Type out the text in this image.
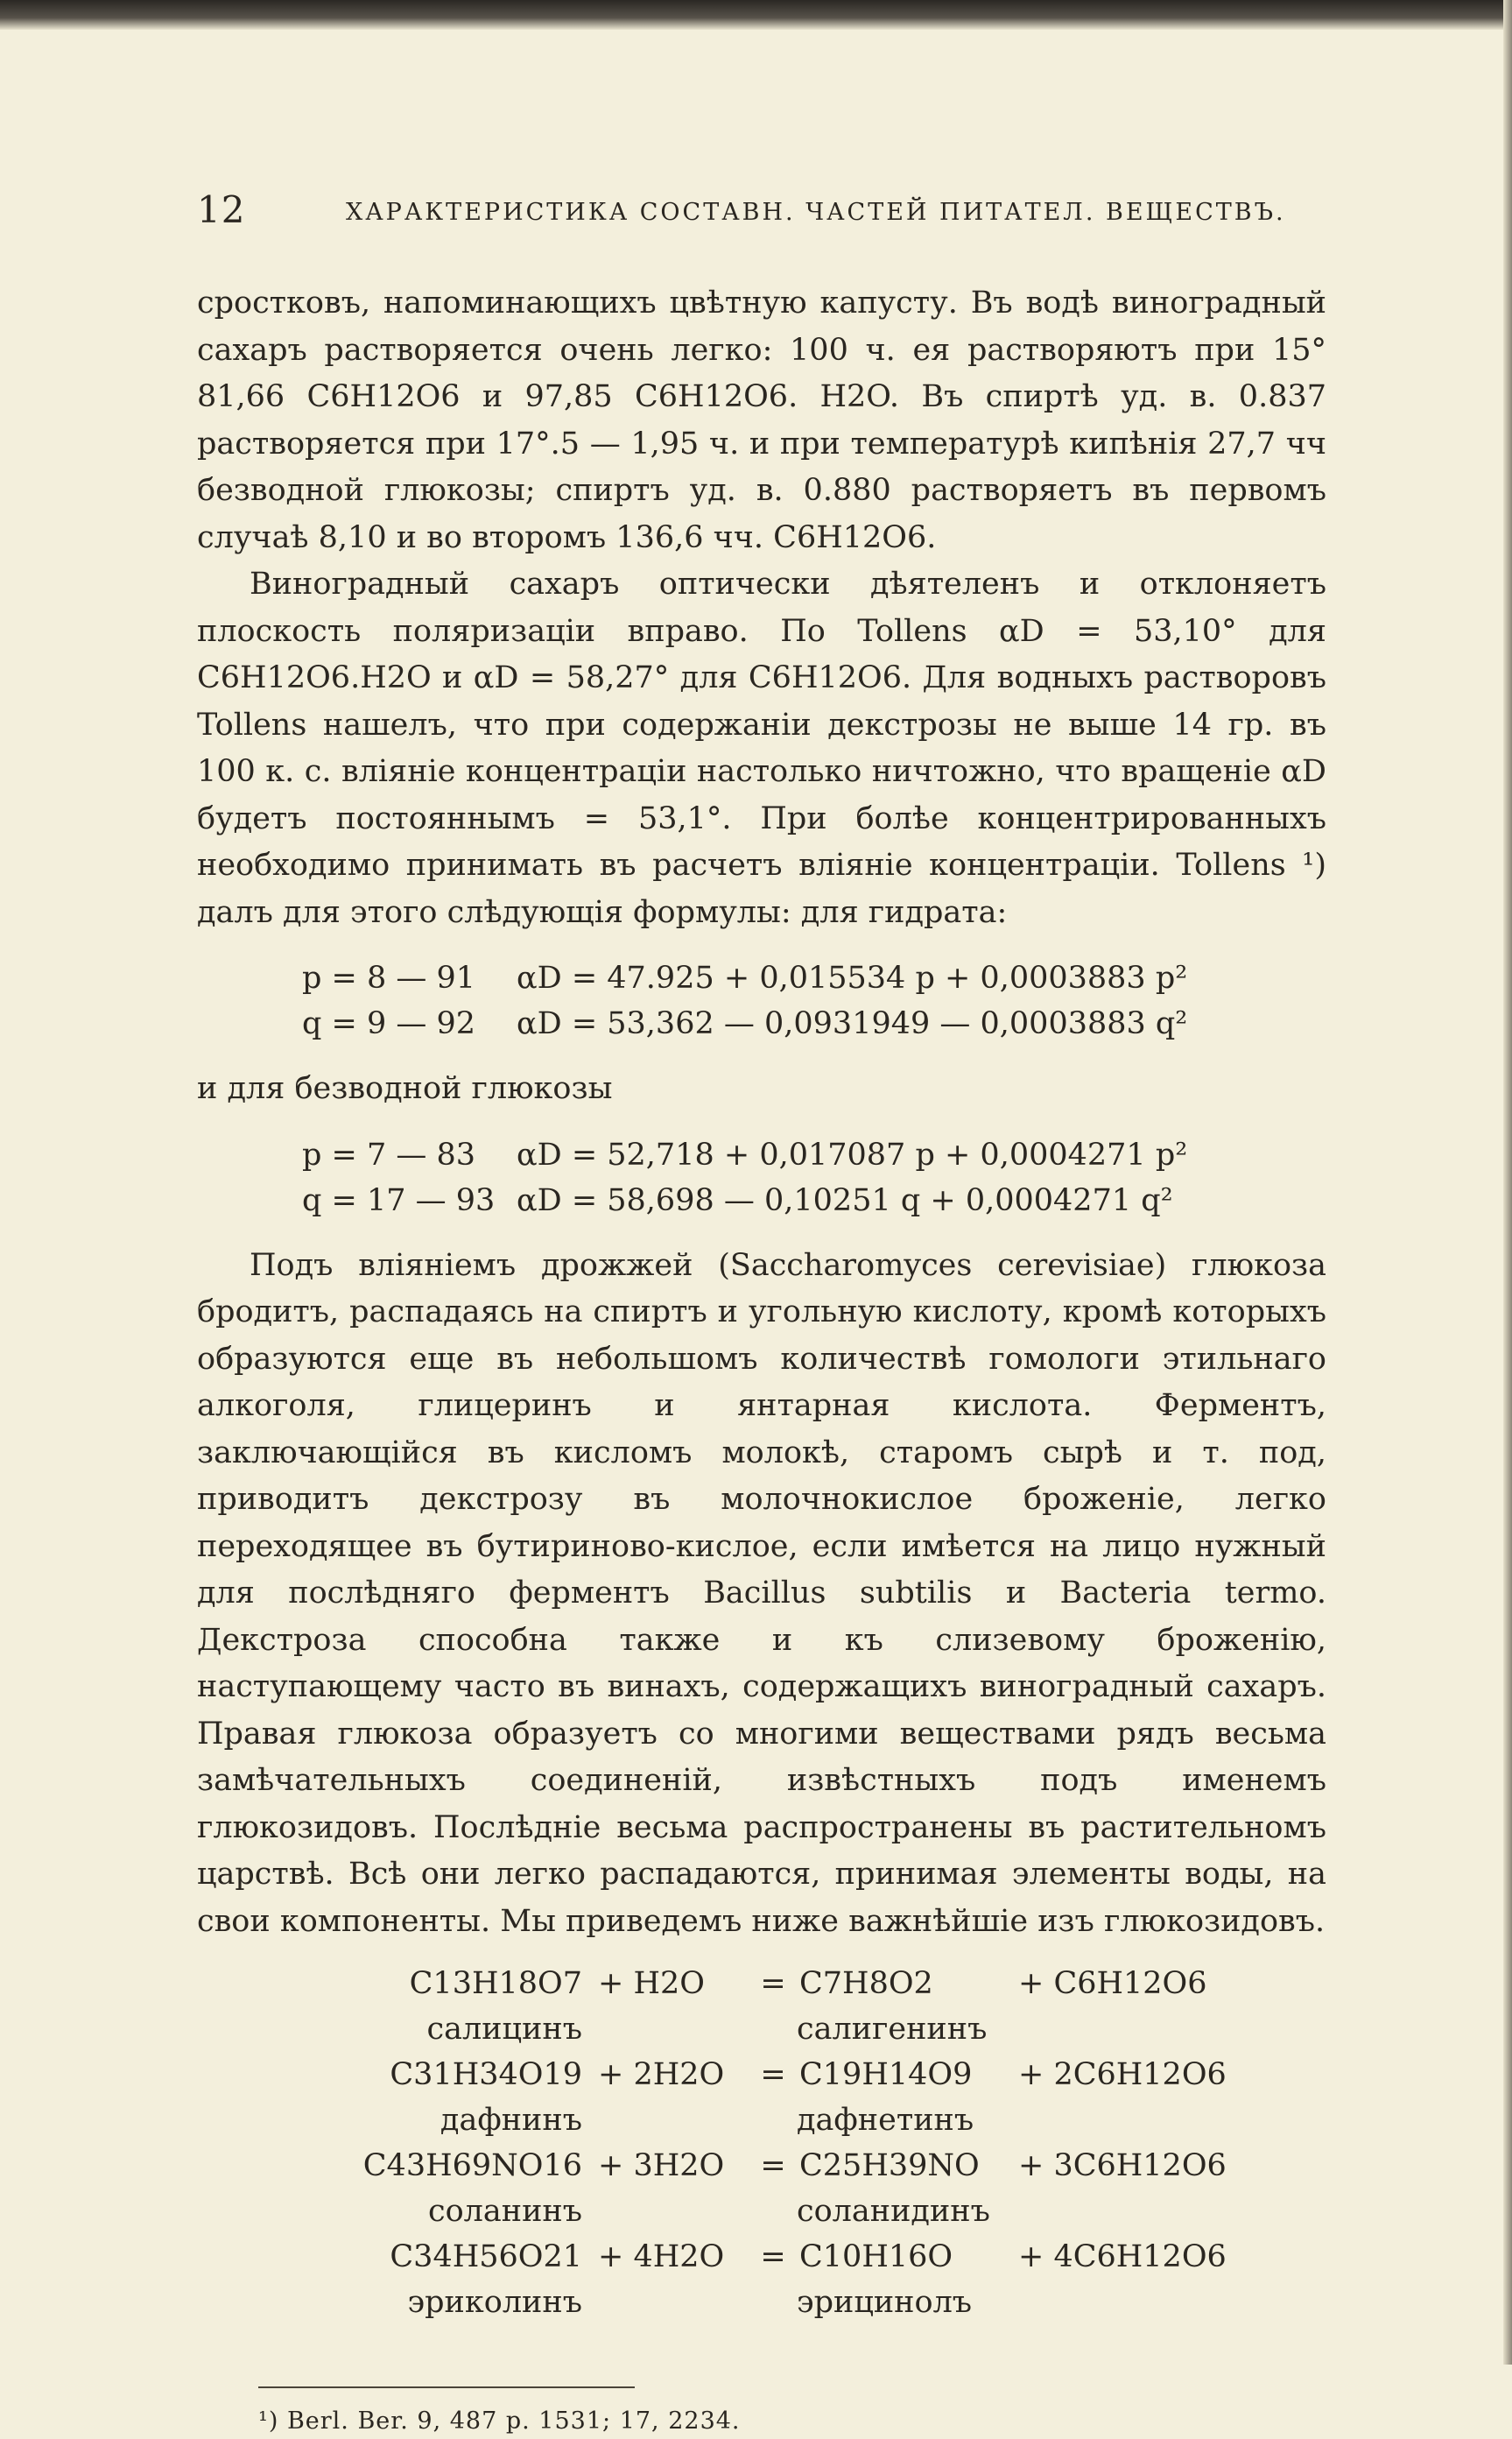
12	ХАРАКТЕРИСТИКА СОСТАВН. ЧАСТЕЙ ПИТАТЕЛ. ВЕЩЕСТВЪ.

сростковъ, напоминающихъ цвѣтную капусту. Въ водѣ виноградный сахаръ растворяется очень легко: 100 ч. ея растворяютъ при 15° 81,66 C6H12O6 и 97,85 C6H12O6. H2O. Въ спиртѣ уд. в. 0.837 растворяется при 17°.5 — 1,95 ч. и при температурѣ кипѣнія 27,7 чч безводной глюкозы; спиртъ уд. в. 0.880 растворяетъ въ первомъ случаѣ 8,10 и во второмъ 136,6 чч. C6H12O6.

Виноградный сахаръ оптически дѣятеленъ и отклоняетъ плоскость поляризаціи вправо. По Tollens αD = 53,10° для C6H12O6.H2O и αD = 58,27° для C6H12O6. Для водныхъ растворовъ Tollens нашелъ, что при содержаніи декстрозы не выше 14 гр. въ 100 к. с. вліяніе концентраціи настолько ничтожно, что вращеніе αD будетъ постояннымъ = 53,1°. При болѣе концентрированныхъ необходимо принимать въ расчетъ вліяніе концентраціи. Tollens ¹) далъ для этого слѣдующія формулы: для гидрата:

p = 8 — 91	αD = 47.925 + 0,015534 p + 0,0003883 p²
q = 9 — 92	αD = 53,362 — 0,0931949 — 0,0003883 q²

и для безводной глюкозы

p = 7 — 83	αD = 52,718 + 0,017087 p + 0,0004271 p²
q = 17 — 93 αD = 58,698 — 0,10251 q + 0,0004271 q²

Подъ вліяніемъ дрожжей (Saccharomyces cerevisiae) глюкоза бродитъ, распадаясь на спиртъ и угольную кислоту, кромѣ которыхъ образуются еще въ небольшомъ количествѣ гомологи этильнаго алкоголя, глицеринъ и янтарная кислота. Ферментъ, заключающійся въ кисломъ молокѣ, старомъ сырѣ и т. под, приводитъ декстрозу въ молочнокислое броженіе, легко переходящее въ бутириново-кислое, если имѣется на лицо нужный для послѣдняго ферментъ Bacillus subtilis и Bacteria termo. Декстроза способна также и къ слизевому броженію, наступающему часто въ винахъ, содержащихъ виноградный сахаръ. Правая глюкоза образуетъ со многими веществами рядъ весьма замѣчательныхъ соединеній, извѣстныхъ подъ именемъ глюкозидовъ. Послѣдніе весьма распространены въ растительномъ царствѣ. Всѣ они легко распадаются, принимая элементы воды, на свои компоненты. Мы приведемъ ниже важнѣйшіе изъ глюкозидовъ.

C13H18O7 + H2O	= C7H8O2	+ C6H12O6
салицинъ	салигенинъ
C31H34O19 + 2H2O	= C19H14O9	+ 2C6H12O6
дафнинъ	дафнетинъ
C43H69NO16 + 3H2O	= C25H39NO	+ 3C6H12O6
соланинъ	соланидинъ
C34H56O21 + 4H2O	= C10H16O	+ 4C6H12O6
эриколинъ	эрицинолъ
¹) Berl. Ber. 9, 487 p. 1531; 17, 2234.
